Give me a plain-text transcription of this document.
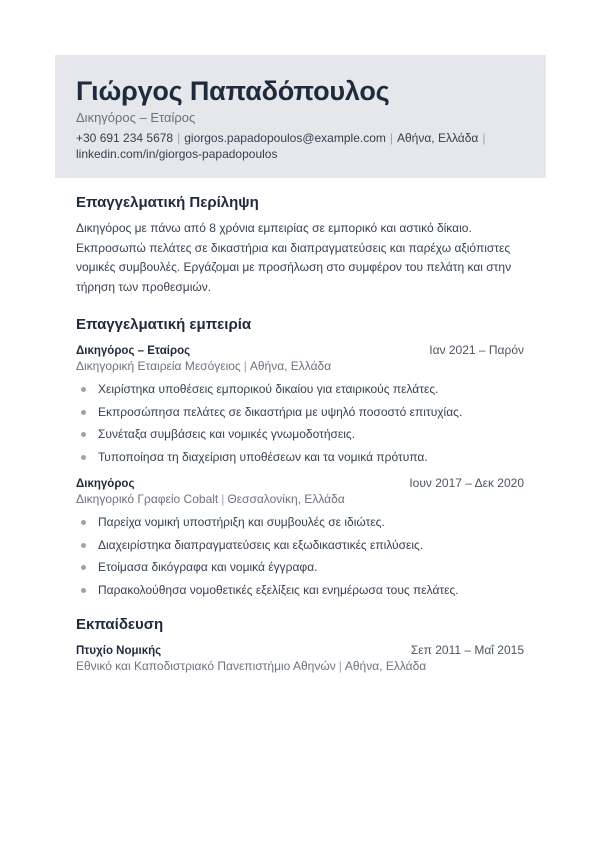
Γιώργος Παπαδόπουλος
Δικηγόρος – Εταίρος
+30 691 234 5678 | giorgos.papadopoulos@example.com | Αθήνα, Ελλάδα |
linkedin.com/in/giorgos-papadopoulos
Επαγγελματική Περίληψη
Δικηγόρος με πάνω από 8 χρόνια εμπειρίας σε εμπορικό και αστικό δίκαιο. Εκπροσωπώ πελάτες σε δικαστήρια και διαπραγματεύσεις και παρέχω αξιόπιστες νομικές συμβουλές. Εργάζομαι με προσήλωση στο συμφέρον του πελάτη και στην τήρηση των προθεσμιών.
Επαγγελματική εμπειρία
Δικηγόρος – Εταίρος	Ιαν 2021 – Παρόν
Δικηγορική Εταιρεία Μεσόγειος | Αθήνα, Ελλάδα
Χειρίστηκα υποθέσεις εμπορικού δικαίου για εταιρικούς πελάτες.
Εκπροσώπησα πελάτες σε δικαστήρια με υψηλό ποσοστό επιτυχίας.
Συνέταξα συμβάσεις και νομικές γνωμοδοτήσεις.
Τυποποίησα τη διαχείριση υποθέσεων και τα νομικά πρότυπα.
Δικηγόρος	Ιουν 2017 – Δεκ 2020
Δικηγορικό Γραφείο Cobalt | Θεσσαλονίκη, Ελλάδα
Παρείχα νομική υποστήριξη και συμβουλές σε ιδιώτες.
Διαχειρίστηκα διαπραγματεύσεις και εξωδικαστικές επιλύσεις.
Ετοίμασα δικόγραφα και νομικά έγγραφα.
Παρακολούθησα νομοθετικές εξελίξεις και ενημέρωσα τους πελάτες.
Εκπαίδευση
Πτυχίο Νομικής	Σεπ 2011 – Μαΐ 2015
Εθνικό και Καποδιστριακό Πανεπιστήμιο Αθηνών | Αθήνα, Ελλάδα
